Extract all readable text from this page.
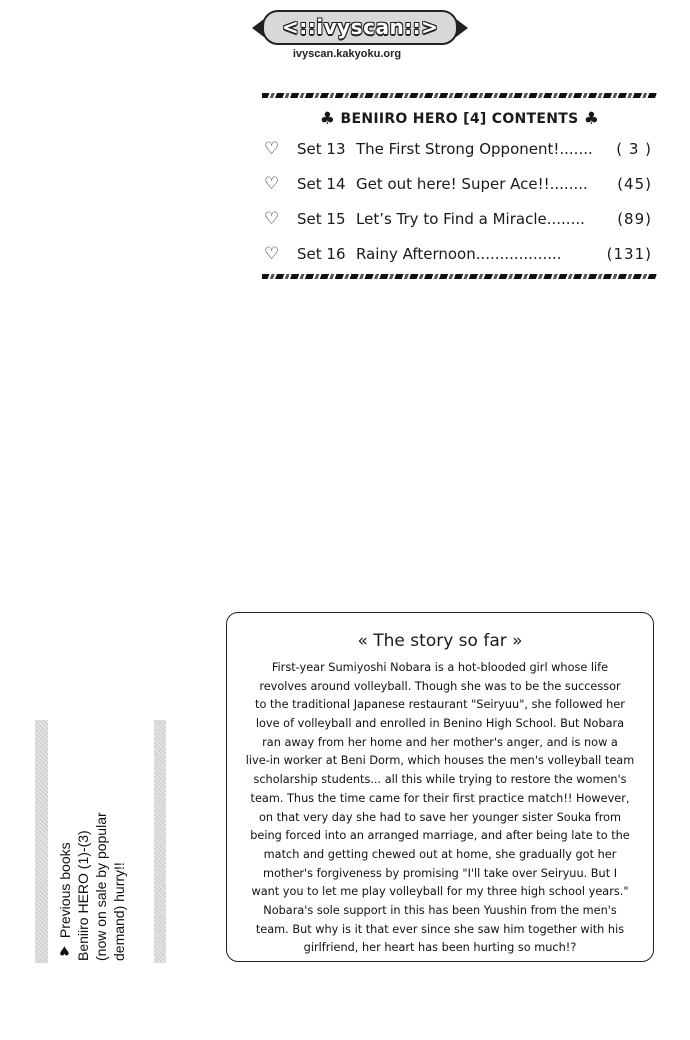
<::ivyscan::>
ivyscan.kakyoku.org
♣ BENIIRO HERO [4] CONTENTS ♣
♡ Set 13 The First Strong Opponent!....... ( 3 )
♡ Set 14 Get out here! Super Ace!!........ (45)
♡ Set 15 Let’s Try to Find a Miracle........ (89)
♡ Set 16 Rainy Afternoon..................	(131)
♥ Previous books Beniiro HERO (1)-(3) (now on sale by popular demand) hurry!!
« The story so far »
First-year Sumiyoshi Nobara is a hot-blooded girl whose life
revolves around volleyball. Though she was to be the successor
to the traditional Japanese restaurant "Seiryuu", she followed her
love of volleyball and enrolled in Benino High School. But Nobara
ran away from her home and her mother's anger, and is now a
live-in worker at Beni Dorm, which houses the men's volleyball team
scholarship students... all this while trying to restore the women's
team. Thus the time came for their first practice match!! However,
on that very day she had to save her younger sister Souka from
being forced into an arranged marriage, and after being late to the
match and getting chewed out at home, she gradually got her
mother's forgiveness by promising "I'll take over Seiryuu. But I
want you to let me play volleyball for my three high school years."
Nobara's sole support in this has been Yuushin from the men's
team. But why is it that ever since she saw him together with his
girlfriend, her heart has been hurting so much!?
